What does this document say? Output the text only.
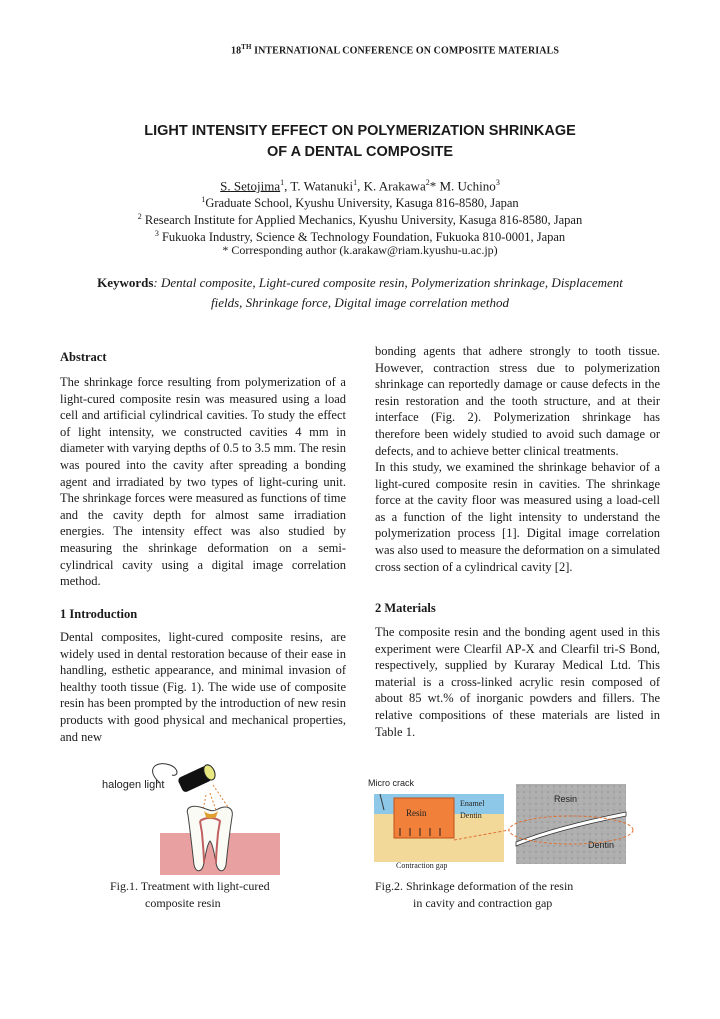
18TH INTERNATIONAL CONFERENCE ON COMPOSITE MATERIALS
LIGHT INTENSITY EFFECT ON POLYMERIZATION SHRINKAGE
OF A DENTAL COMPOSITE
S. Setojima$^1$, T. Watanuki$^1$, K. Arakawa$^2$* M. Uchino$^3$
$^1$Graduate School, Kyushu University, Kasuga 816-8580, Japan
$^2$ Research Institute for Applied Mechanics, Kyushu University, Kasuga 816-8580, Japan
$^3$ Fukuoka Industry, Science & Technology Foundation, Fukuoka 810-0001, Japan
* Corresponding author (k.arakaw@riam.kyushu-u.ac.jp)
Keywords: Dental composite, Light-cured composite resin, Polymerization shrinkage, Displacement fields, Shrinkage force, Digital image correlation method
Abstract
The shrinkage force resulting from polymerization of a light-cured composite resin was measured using a load cell and artificial cylindrical cavities. To study the effect of light intensity, we constructed cavities 4 mm in diameter with varying depths of 0.5 to 3.5 mm. The resin was poured into the cavity after spreading a bonding agent and irradiated by two types of light-curing unit. The shrinkage forces were measured as functions of time and the cavity depth for almost same irradiation energies. The intensity effect was also studied by measuring the shrinkage deformation on a semi-cylindrical cavity using a digital image correlation method.
1 Introduction
Dental composites, light-cured composite resins, are widely used in dental restoration because of their ease in handling, esthetic appearance, and minimal invasion of healthy tooth tissue (Fig. 1). The wide use of composite resin has been prompted by the introduction of new resin products with good physical and mechanical properties, and new
bonding agents that adhere strongly to tooth tissue. However, contraction stress due to polymerization shrinkage can reportedly damage or cause defects in the resin restoration and the tooth structure, and at their interface (Fig. 2). Polymerization shrinkage has therefore been widely studied to avoid such damage or defects, and to achieve better clinical treatments.
In this study, we examined the shrinkage behavior of a light-cured composite resin in cavities. The shrinkage force at the cavity floor was measured using a load-cell as a function of the light intensity to understand the polymerization process [1]. Digital image correlation was also used to measure the deformation on a simulated cross section of a cylindrical cavity [2].
2 Materials
The composite resin and the bonding agent used in this experiment were Clearfil AP-X and Clearfil tri-S Bond, respectively, supplied by Kuraray Medical Ltd. This material is a cross-linked acrylic resin composed of about 85 wt.% of inorganic powders and fillers. The relative compositions of these materials are listed in Table 1.
halogen light
Fig.1. Treatment with light-cured
composite resin
Micro crack
Resin
Enamel
Dentin
Contraction gap
Resin
Dentin
Fig.2. Shrinkage deformation of the resin
in cavity and contraction gap
